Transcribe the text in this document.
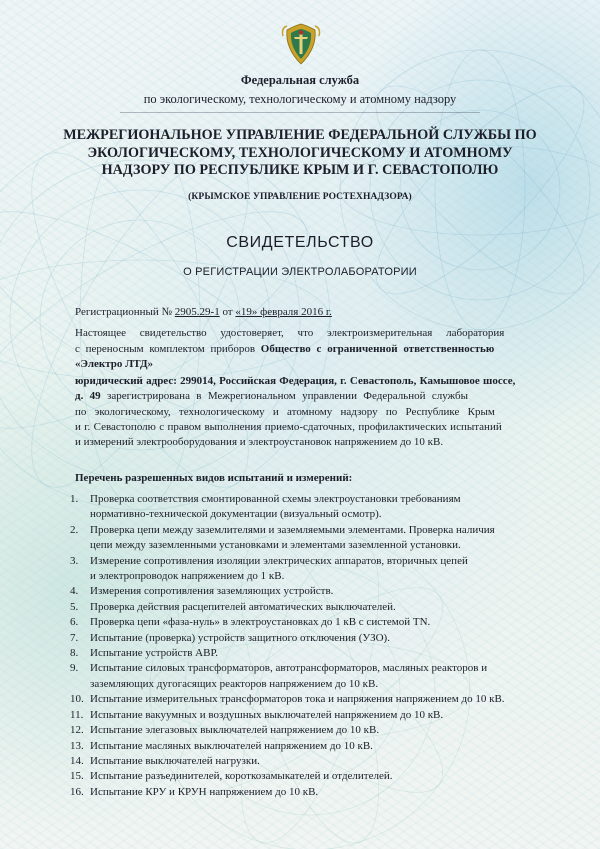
Федеральная служба
по экологическому, технологическому и атомному надзору
МЕЖРЕГИОНАЛЬНОЕ УПРАВЛЕНИЕ ФЕДЕРАЛЬНОЙ СЛУЖБЫ ПО
ЭКОЛОГИЧЕСКОМУ, ТЕХНОЛОГИЧЕСКОМУ И АТОМНОМУ
НАДЗОРУ ПО РЕСПУБЛИКЕ КРЫМ И Г. СЕВАСТОПОЛЮ
(КРЫМСКОЕ УПРАВЛЕНИЕ РОСТЕХНАДЗОРА)
СВИДЕТЕЛЬСТВО
О РЕГИСТРАЦИИ ЭЛЕКТРОЛАБОРАТОРИИ
Регистрационный № 2905.29-1 от «19» февраля 2016 г.
Настоящее свидетельство удостоверяет, что электроизмерительная лаборатория
с переносным комплектом приборов Общество с ограниченной ответственностью
«Электро ЛТД»
юридический адрес: 299014, Российская Федерация, г. Севастополь, Камышовое шоссе,
д. 49 зарегистрирована в Межрегиональном управлении Федеральной службы
по экологическому, технологическому и атомному надзору по Республике Крым
и г. Севастополю с правом выполнения приемо-сдаточных, профилактических испытаний
и измерений электрооборудования и электроустановок напряжением до 10 кВ.
Перечень разрешенных видов испытаний и измерений:
1.	Проверка соответствия смонтированной схемы электроустановки требованиям
нормативно-технической документации (визуальный осмотр).
2.	Проверка цепи между заземлителями и заземляемыми элементами. Проверка наличия
цепи между заземленными установками и элементами заземленной установки.
3.	Измерение сопротивления изоляции электрических аппаратов, вторичных цепей
и электропроводок напряжением до 1 кВ.
4.	Измерения сопротивления заземляющих устройств.
5.	Проверка действия расцепителей автоматических выключателей.
6.	Проверка цепи «фаза-нуль» в электроустановках до 1 кВ с системой TN.
7.	Испытание (проверка) устройств защитного отключения (УЗО).
8.	Испытание устройств АВР.
9.	Испытание силовых трансформаторов, автотрансформаторов, масляных реакторов и
заземляющих дугогасящих реакторов напряжением до 10 кВ.
10. Испытание измерительных трансформаторов тока и напряжения напряжением до 10 кВ.
11. Испытание вакуумных и воздушных выключателей напряжением до 10 кВ.
12. Испытание элегазовых выключателей напряжением до 10 кВ.
13. Испытание масляных выключателей напряжением до 10 кВ.
14. Испытание выключателей нагрузки.
15. Испытание разъединителей, короткозамыкателей и отделителей.
16. Испытание КРУ и КРУН напряжением до 10 кВ.
